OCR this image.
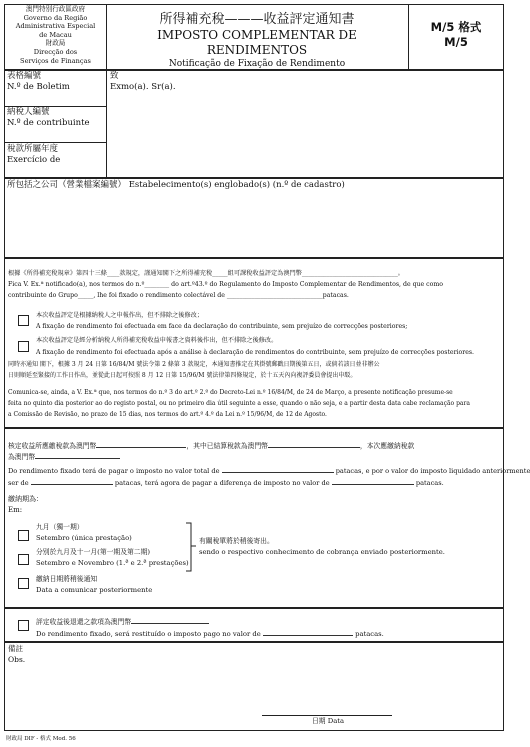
澳門特別行政區政府
Governo da Região
Administrativa Especial
de Macau
財政局
Direcção dos
Serviços de Finanças
所得補充稅———收益評定通知書
IMPOSTO COMPLEMENTAR DE RENDIMENTOS
Notificação de Fixação de Rendimento
M/5 格式
M/5
表格編號
N.º de Boletim
納稅人編號
N.º de contribuinte
稅款所屬年度
Exercício de
致
Exmo(a). Sr(a).
所包括之公司（營業檔案編號） Estabelecimento(s) englobado(s) (n.º de cadastro)
根據《所得補充稅規章》第四十三條____款規定，謹通知閣下之所得補充稅_____組可課稅收益評定為澳門幣_______________________________。
Fica V. Ex.ª notificado(a), nos termos do n.º________ do art.º43.º do Regulamento do Imposto Complementar de Rendimentos, de que como
contribuinte do Grupo_____, lhe foi fixado o rendimento colectável de _______________________________patacas.
本次收益評定是根據納稅人之申報作出，但不排除之後修改；
A fixação de rendimento foi efectuada em face da declaração do contribuinte, sem prejuízo de correcções posteriores;
本次收益評定是經分析納稅人所得補充稅收益申報書之資料後作出，但不排除之後修改。
A fixação de rendimento foi efectuada após a análise à declaração de rendimentos do contribuinte, sem prejuízo de correcções posteriores.
同時亦通知 閣下，根據 3 月 24 日第 16/84/M 號法令第 2 條第 3 款規定，本通知書推定在其掛號郵戳日期後第五日，或倘若該日並非辦公
日則順延至緊接的工作日作出，並從此日起可按照 8 月 12 日第 15/96/M 號法律第四條規定，於十五天內向複評委員會提出申駁。
Comunica-se, ainda, a V. Ex.ª que, nos termos do n.º 3 do art.º 2.º do Decreto-Lei n.º 16/84/M, de 24 de Março, a presente notificação presume-se
feita no quinto dia posterior ao do registo postal, ou no primeiro dia útil seguinte a esse, quando o não seja, e a partir desta data cabe reclamação para
a Comissão de Revisão, no prazo de 15 dias, nos termos do art.º 4.º da Lei n.º 15/96/M, de 12 de Agosto.
核定收益所應繳稅款為澳門幣	，其中已結算稅款為澳門幣	，本次應繳納稅款
為澳門幣
Do rendimento fixado terá de pagar o imposto no valor total de	patacas, e por o valor do imposto liquidado anteriormente
ser de	patacas, terá agora de pagar a diferença de imposto no valor de	patacas.
繳納期為：
Em:
九月（獨一期）
Setembro (única prestação)
分別於九月及十一月(第一期及第二期)
Setembro e Novembro (1.ª e 2.ª prestações)
有關稅單將於稍後寄出。
sendo o respectivo conhecimento de cobrança enviado posteriormente.
繳納日期將稍後通知
Data a comunicar posteriormente
評定收益後退還之款項為澳門幣
Do rendimento fixado, será restituído o imposto pago no valor de	patacas.
備註
Obs.
日期 Data
財政局 DIF - 格式 Mod. 56
